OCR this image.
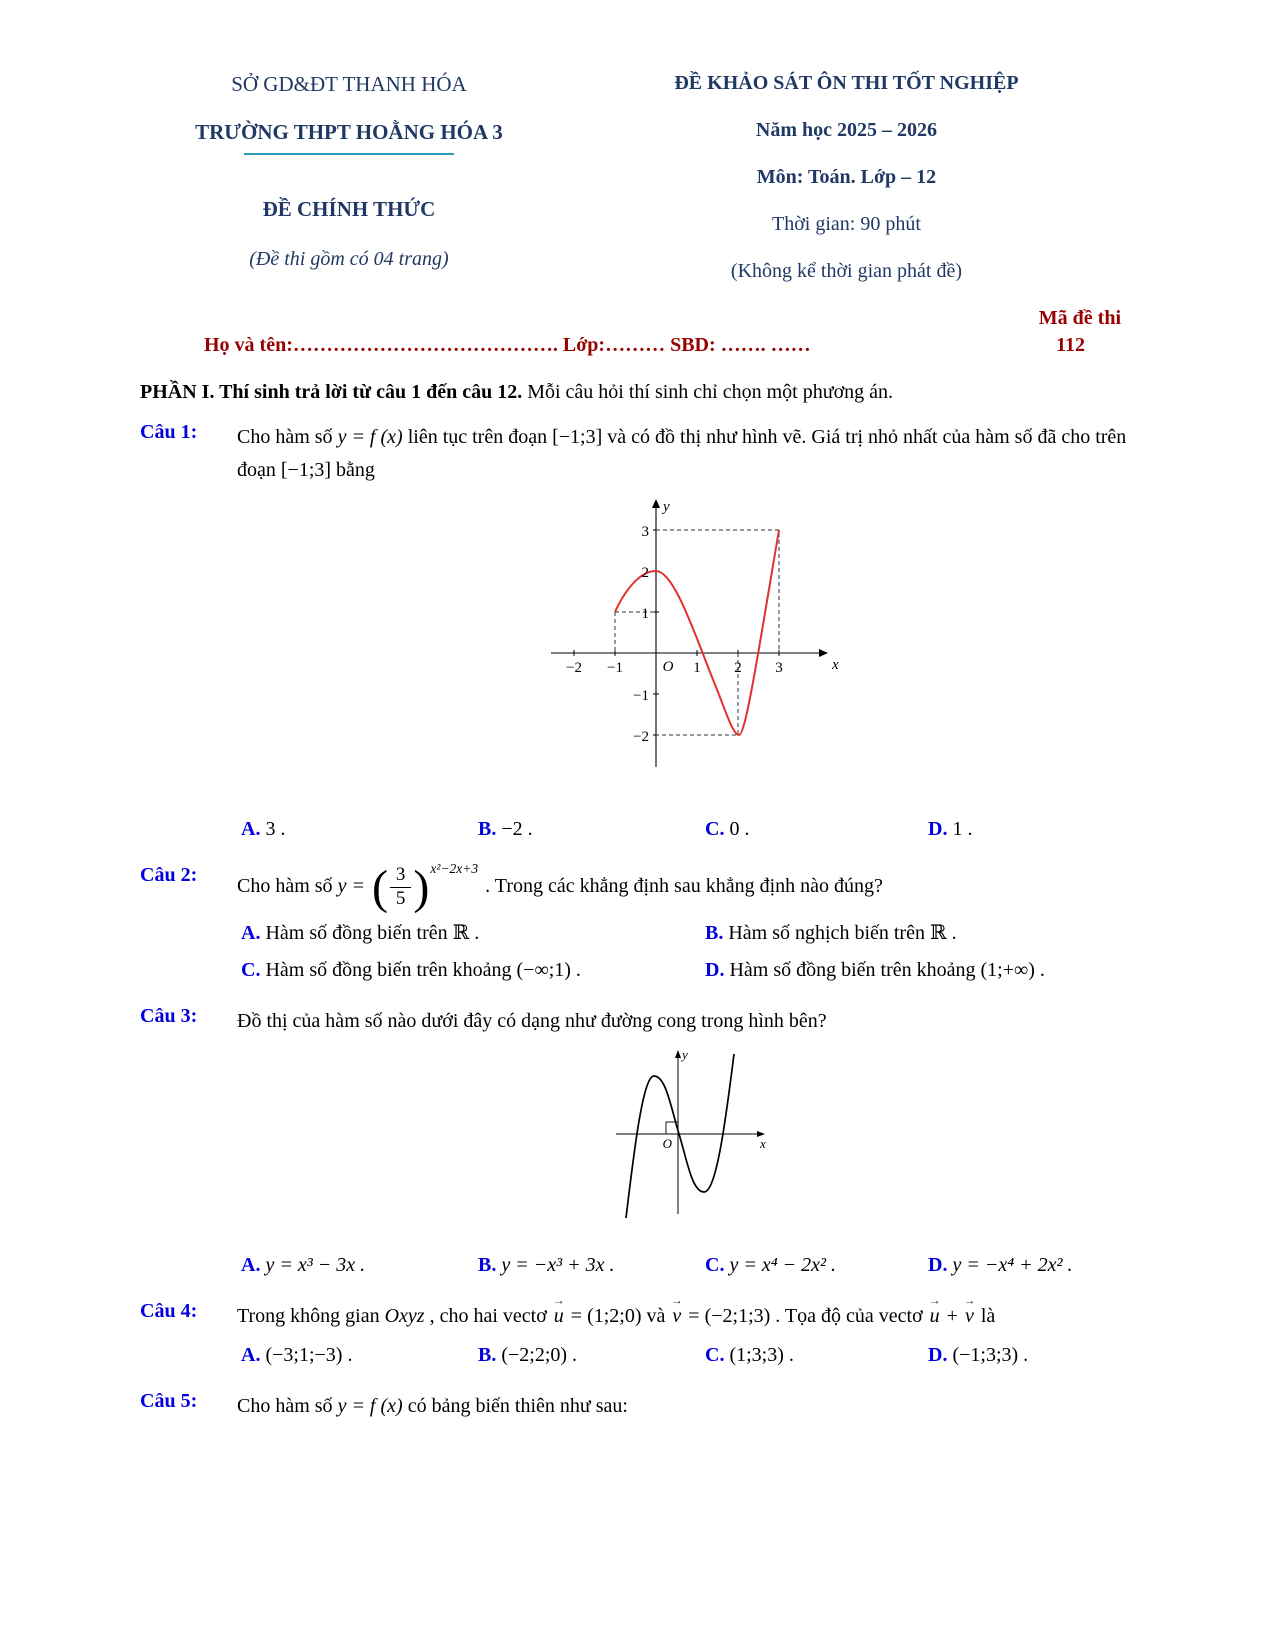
SỞ GD&ĐT THANH HÓA
TRƯỜNG THPT HOẰNG HÓA 3
ĐỀ CHÍNH THỨC
(Đề thi gồm có 04 trang)
ĐỀ KHẢO SÁT ÔN THI TỐT NGHIỆP
Năm học 2025 – 2026
Môn: Toán. Lớp – 12
Thời gian: 90 phút
(Không kể thời gian phát đề)
Mã đề thi
Họ và tên:…………………………………. Lớp:……… SBD: ……. ……	112

PHẦN I. Thí sinh trả lời từ câu 1 đến câu 12. Mỗi câu hỏi thí sinh chỉ chọn một phương án.

Câu 1:	Cho hàm số y = f (x) liên tục trên đoạn [−1;3] và có đồ thị như hình vẽ. Giá trị nhỏ nhất của hàm số đã cho trên đoạn [−1;3] bằng

−2 −1	1 2 3
3
2
1
−1
−2
O	x
y
A. 3 .	B. −2 .	C. 0 .	D. 1 .
Câu 2:	Cho hàm số y = ( $\frac{3}{5}$ ) x²−2x+3
. Trong các khẳng định sau khẳng định nào đúng?

A. Hàm số đồng biến trên ℝ .	B. Hàm số nghịch biến trên ℝ .
C. Hàm số đồng biến trên khoảng (−∞;1) .	D. Hàm số đồng biến trên khoảng (1;+∞) .
Câu 3:	Đồ thị của hàm số nào dưới đây có dạng như đường cong trong hình bên?

O	x
y
A. y = x³ − 3x .	B. y = −x³ + 3x .	C. y = x⁴ − 2x² .	D. y = −x⁴ + 2x² .
Câu 4:	Trong không gian Oxyz , cho hai vectơ
→
u = (1;2;0) và
→
v = (−2;1;3) . Tọa độ của vectơ
→
u +
→
v là

A. (−3;1;−3) .	B. (−2;2;0) .	C. (1;3;3) .	D. (−1;3;3) .
Câu 5:	Cho hàm số y = f (x) có bảng biến thiên như sau:
